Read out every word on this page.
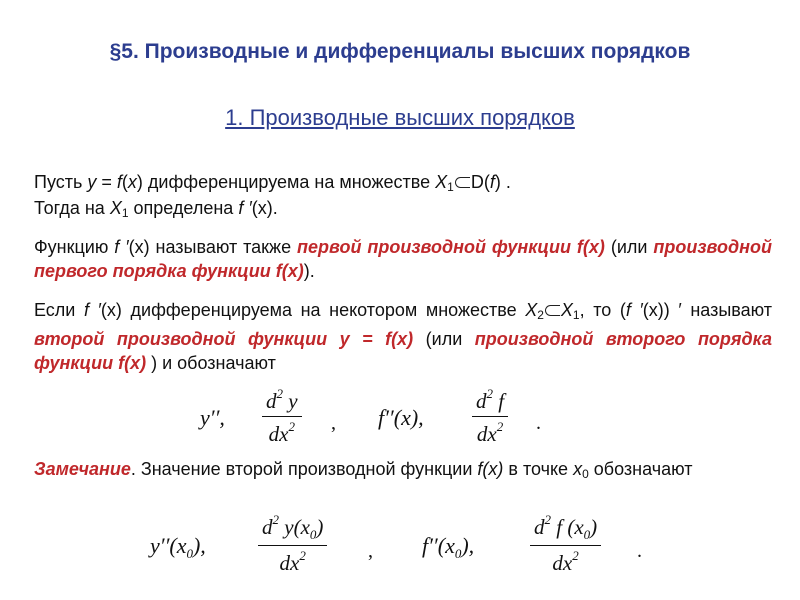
§5. Производные и дифференциалы высших порядков
1. Производные высших порядков
Пусть y = f(x) дифференцируема на множестве $X_1$ D(f) .
Тогда на $X_1$ определена f ′(x).
Функцию f ′(x) называют также первой производной функции f(x) (или производной первого порядка функции f(x)).
Если f ′(x) дифференцируема на некотором множестве $X_2$ $X_1$, то (f ′(x)) ′ называют второй производной функции y = f(x) (или производной второго порядка функции f(x) ) и обозначают
y′′, $\frac{d^2 y}{dx^2}$ , f′′(x), $\frac{d^2 f}{dx^2}$ .
Замечание. Значение второй производной функции f(x) в точке $x_0$ обозначают
$y''(x_0)$, $\frac{d^2 y(x_0)}{dx^2}$ , $f''(x_0)$,	$\frac{d^2 f (x_0)}{dx^2}$ .
